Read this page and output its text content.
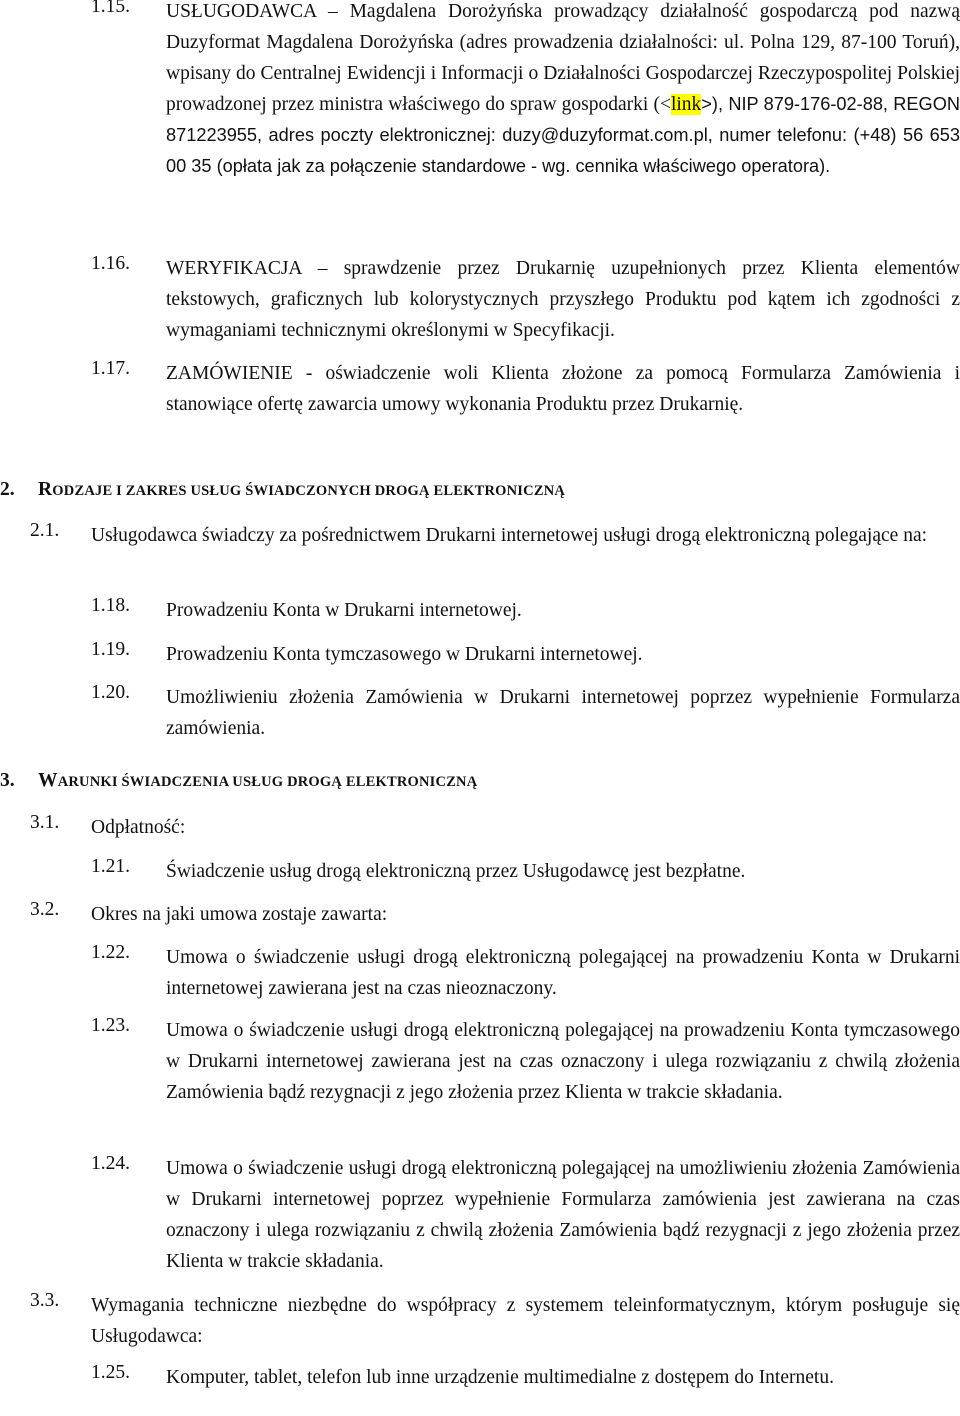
1.15. USŁUGODAWCA – Magdalena Dorożyńska prowadzący działalność gospodarczą pod nazwą Duzyformat Magdalena Dorożyńska (adres prowadzenia działalności: ul. Polna 129, 87-100 Toruń), wpisany do Centralnej Ewidencji i Informacji o Działalności Gospodarczej Rzeczypospolitej Polskiej prowadzonej przez ministra właściwego do spraw gospodarki (<link>), NIP 879-176-02-88, REGON 871223955, adres poczty elektronicznej: duzy@duzyformat.com.pl, numer telefonu: (+48) 56 653 00 35 (opłata jak za połączenie standardowe - wg. cennika właściwego operatora).
1.16. WERYFIKACJA – sprawdzenie przez Drukarnię uzupełnionych przez Klienta elementów tekstowych, graficznych lub kolorystycznych przyszłego Produktu pod kątem ich zgodności z wymaganiami technicznymi określonymi w Specyfikacji.
1.17. ZAMÓWIENIE - oświadczenie woli Klienta złożone za pomocą Formularza Zamówienia i stanowiące ofertę zawarcia umowy wykonania Produktu przez Drukarnię.
2. RODZAJE I ZAKRES USŁUG ŚWIADCZONYCH DROGĄ ELEKTRONICZNĄ
2.1. Usługodawca świadczy za pośrednictwem Drukarni internetowej usługi drogą elektroniczną polegające na:
1.18. Prowadzeniu Konta w Drukarni internetowej.
1.19. Prowadzeniu Konta tymczasowego w Drukarni internetowej.
1.20. Umożliwieniu złożenia Zamówienia w Drukarni internetowej poprzez wypełnienie Formularza zamówienia.
3. WARUNKI ŚWIADCZENIA USŁUG DROGĄ ELEKTRONICZNĄ
3.1. Odpłatność:
1.21. Świadczenie usług drogą elektroniczną przez Usługodawcę jest bezpłatne.
3.2. Okres na jaki umowa zostaje zawarta:
1.22. Umowa o świadczenie usługi drogą elektroniczną polegającej na prowadzeniu Konta w Drukarni internetowej zawierana jest na czas nieoznaczony.
1.23. Umowa o świadczenie usługi drogą elektroniczną polegającej na prowadzeniu Konta tymczasowego w Drukarni internetowej zawierana jest na czas oznaczony i ulega rozwiązaniu z chwilą złożenia Zamówienia bądź rezygnacji z jego złożenia przez Klienta w trakcie składania.
1.24. Umowa o świadczenie usługi drogą elektroniczną polegającej na umożliwieniu złożenia Zamówienia w Drukarni internetowej poprzez wypełnienie Formularza zamówienia jest zawierana na czas oznaczony i ulega rozwiązaniu z chwilą złożenia Zamówienia bądź rezygnacji z jego złożenia przez Klienta w trakcie składania.
3.3. Wymagania techniczne niezbędne do współpracy z systemem teleinformatycznym, którym posługuje się Usługodawca:
1.25. Komputer, tablet, telefon lub inne urządzenie multimedialne z dostępem do Internetu.
